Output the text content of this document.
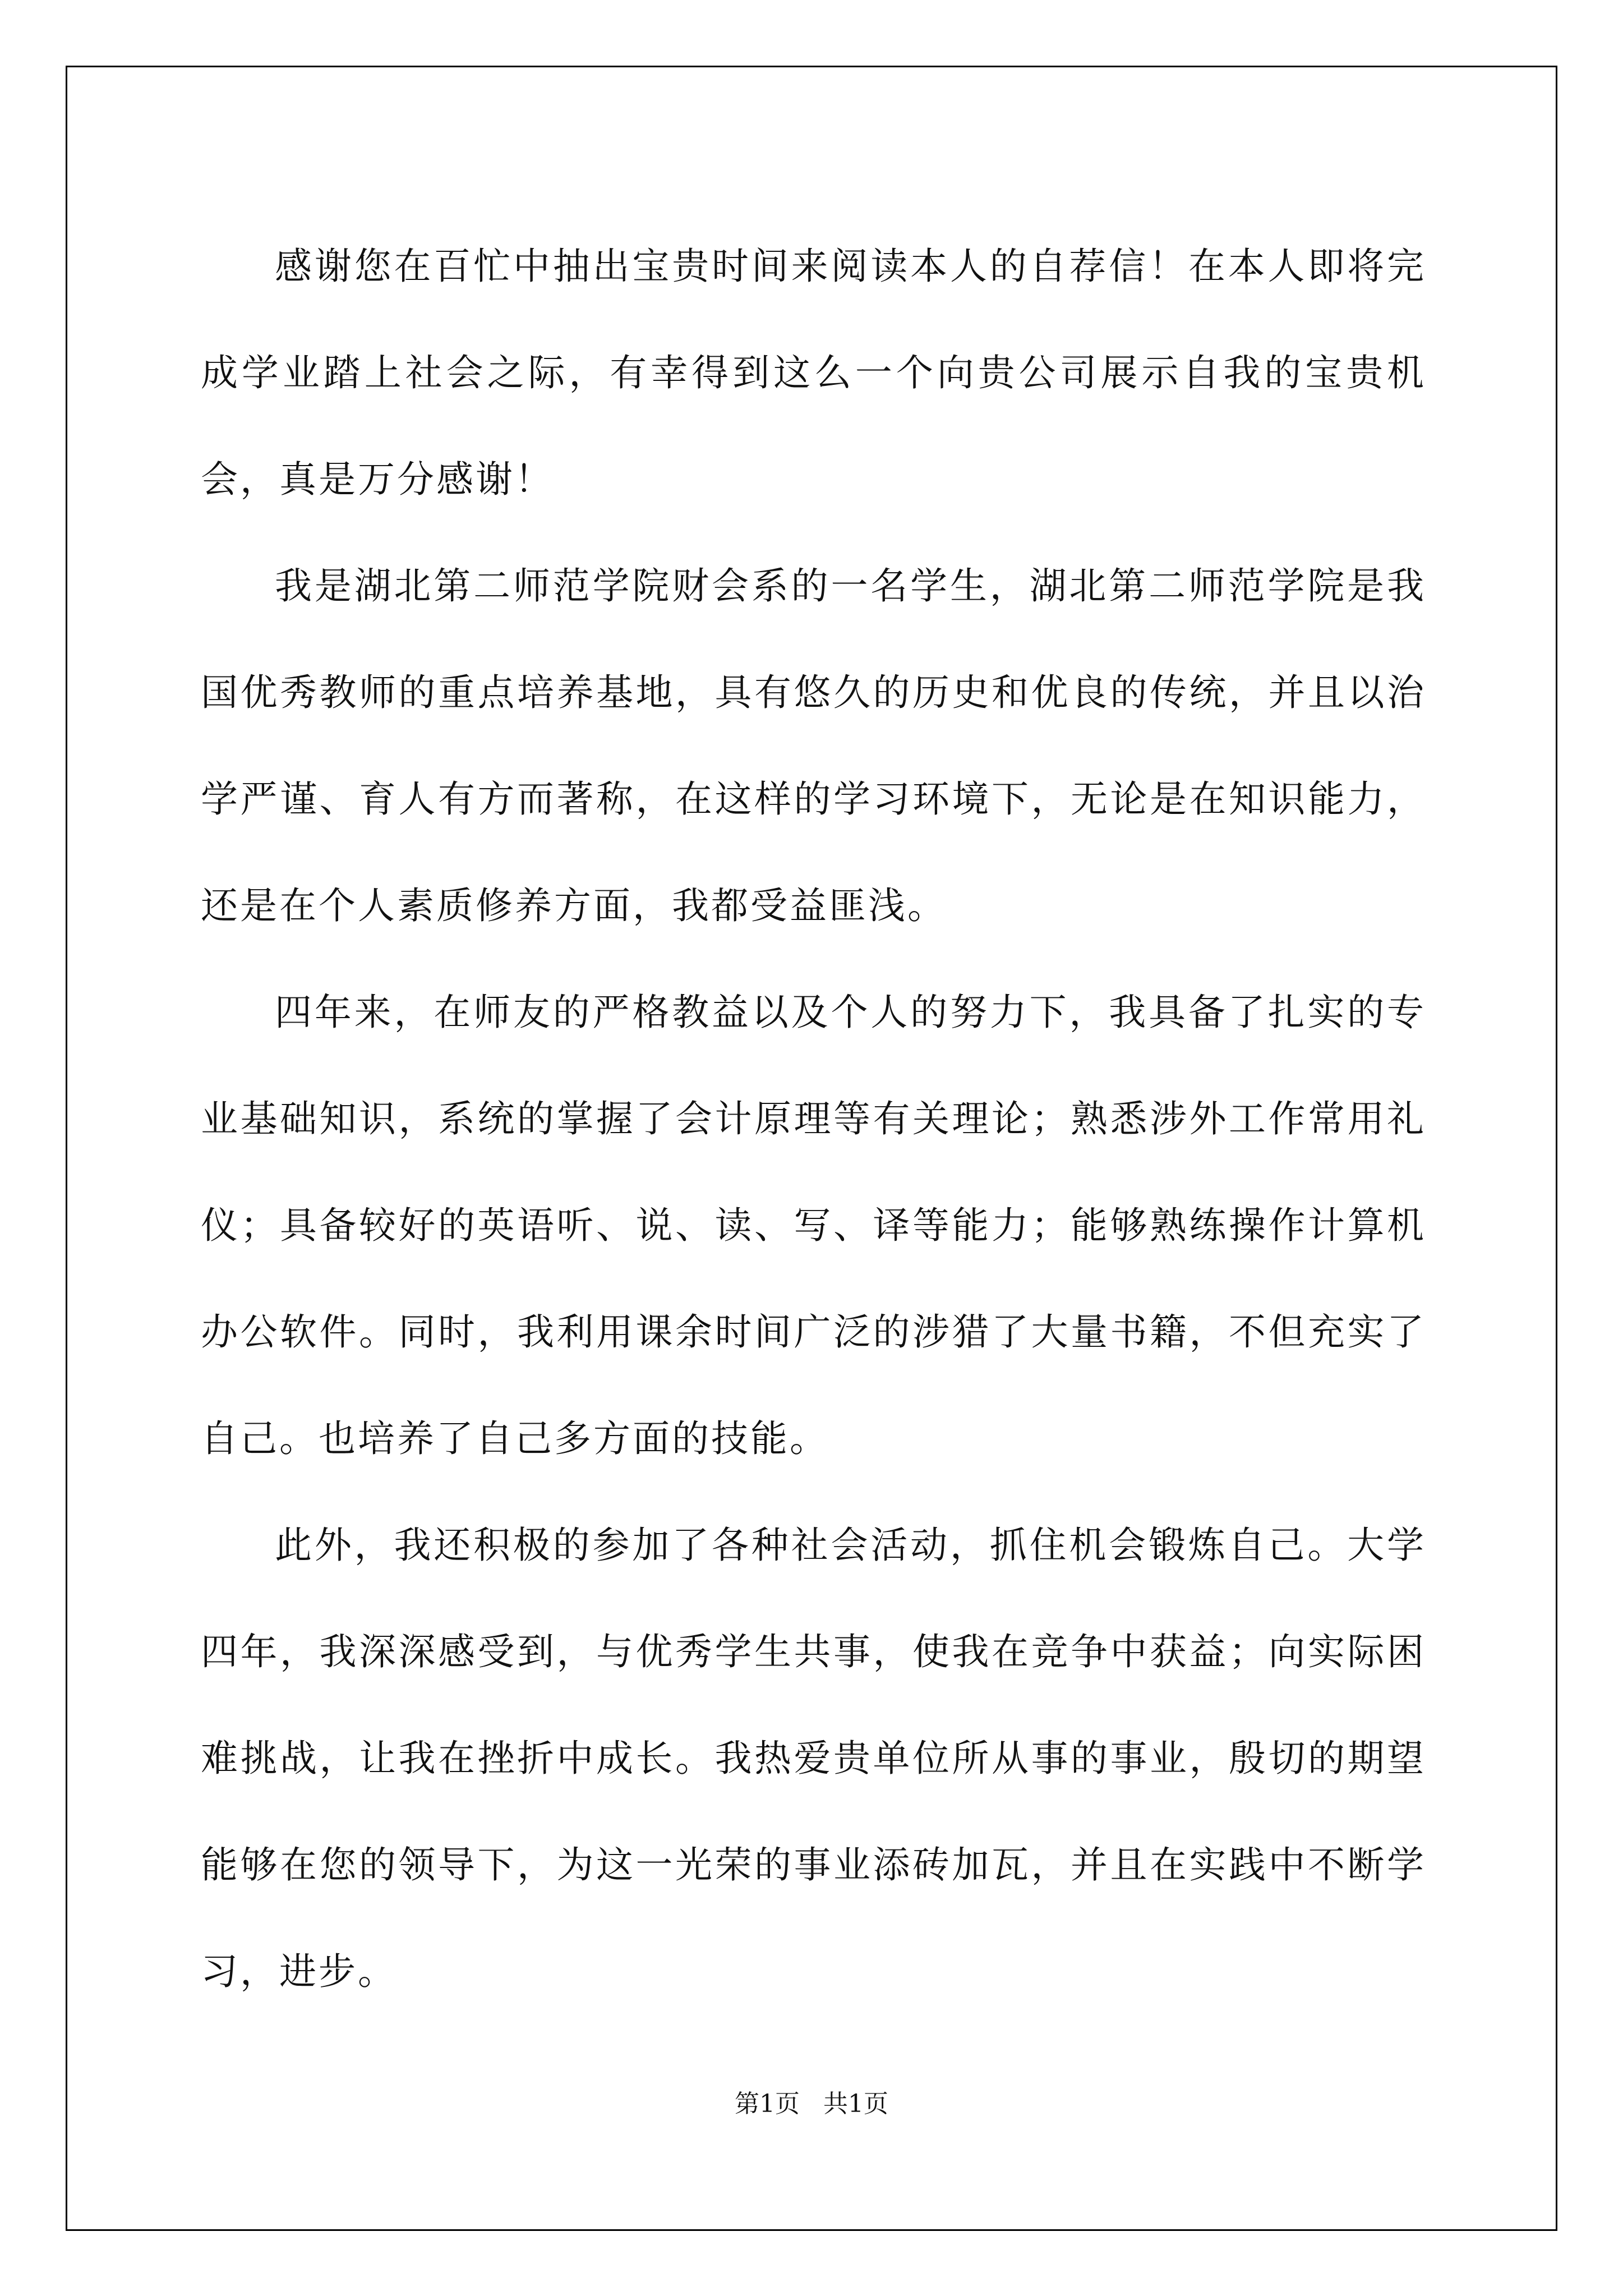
感谢您在百忙中抽出宝贵时间来阅读本人的自荐信！在本人即将完成学业踏上社会之际，有幸得到这么一个向贵公司展示自我的宝贵机会，真是万分感谢！

我是湖北第二师范学院财会系的一名学生，湖北第二师范学院是我国优秀教师的重点培养基地，具有悠久的历史和优良的传统，并且以治学严谨、育人有方而著称，在这样的学习环境下，无论是在知识能力，还是在个人素质修养方面，我都受益匪浅。

四年来，在师友的严格教益以及个人的努力下，我具备了扎实的专业基础知识，系统的掌握了会计原理等有关理论；熟悉涉外工作常用礼仪；具备较好的英语听、说、读、写、译等能力；能够熟练操作计算机办公软件。同时，我利用课余时间广泛的涉猎了大量书籍，不但充实了自己。也培养了自己多方面的技能。

此外，我还积极的参加了各种社会活动，抓住机会锻炼自己。大学四年，我深深感受到，与优秀学生共事，使我在竞争中获益；向实际困难挑战，让我在挫折中成长。我热爱贵单位所从事的事业，殷切的期望能够在您的领导下，为这一光荣的事业添砖加瓦，并且在实践中不断学习，进步。

第1页   共1页
